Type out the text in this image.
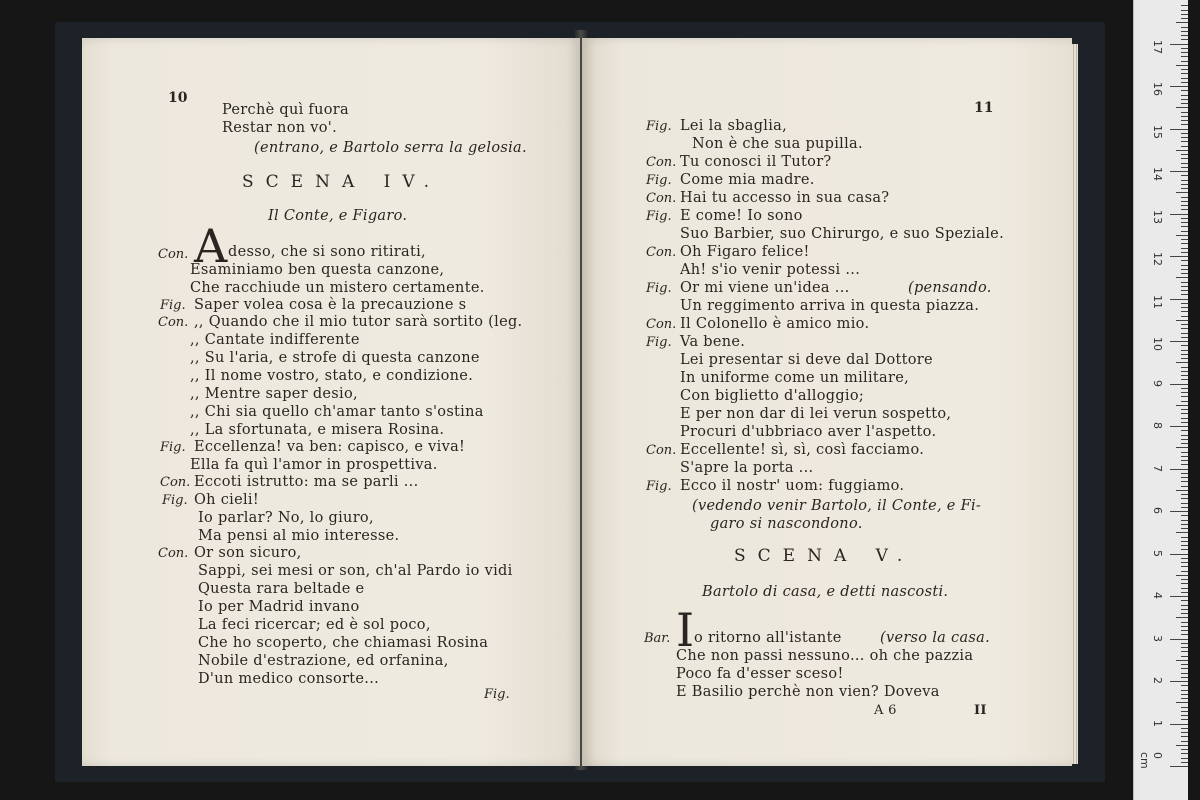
10
Perchè quì fuora
Restar non vo'.
(entrano, e Bartolo serra la gelosia.
SCENA IV.
Il Conte, e Figaro.
Con. A desso, che si sono ritirati,
Esaminiamo ben questa canzone,
Che racchiude un mistero certamente.
Fig. Saper volea cosa è la precauzione s
Con. ,, Quando che il mio tutor sarà sortito (leg.
,, Cantate indifferente
,, Su l'aria, e strofe di questa canzone
,, Il nome vostro, stato, e condizione.
,, Mentre saper desio,
,, Chi sia quello ch'amar tanto s'ostina
,, La sfortunata, e misera Rosina.
Fig. Eccellenza! va ben: capisco, e viva!
Ella fa quì l'amor in prospettiva.
Con. Eccoti istrutto: ma se parli ...
Fig. Oh cieli!
Io parlar? No, lo giuro,
Ma pensi al mio interesse.
Con. Or son sicuro,
Sappi, sei mesi or son, ch'al Pardo io vidi
Questa rara beltade e
Io per Madrid invano
La feci ricercar; ed è sol poco,
Che ho scoperto, che chiamasi Rosina
Nobile d'estrazione, ed orfanina,
D'un medico consorte...
Fig.
11
Fig. Lei la sbaglia,
Non è che sua pupilla.
Con. Tu conosci il Tutor?
Fig. Come mia madre.
Con. Hai tu accesso in sua casa?
Fig. E come! Io sono
Suo Barbier, suo Chirurgo, e suo Speziale.
Con. Oh Figaro felice!
Ah! s'io venir potessi ...
Fig. Or mi viene un'idea ...	(pensando.
Un reggimento arriva in questa piazza.
Con. Il Colonello è amico mio.
Fig. Va bene.
Lei presentar si deve dal Dottore
In uniforme come un militare,
Con biglietto d'alloggio;
E per non dar di lei verun sospetto,
Procuri d'ubbriaco aver l'aspetto.
Con. Eccellente! sì, sì, così facciamo.
S'apre la porta ...
Fig. Ecco il nostr' uom: fuggiamo.
(vedendo venir Bartolo, il Conte, e Fi-
garo si nascondono.
SCENA V.
Bartolo di casa, e detti nascosti.
Bar. I o ritorno all'istante	(verso la casa.
Che non passi nessuno... oh che pazzia
Poco fa d'esser sceso!
E Basilio perchè non vien? Doveva
A 6	II
0 cm
1
2
3
4
5
6
7
8
9
10
11
12
13
14
15
16
17
